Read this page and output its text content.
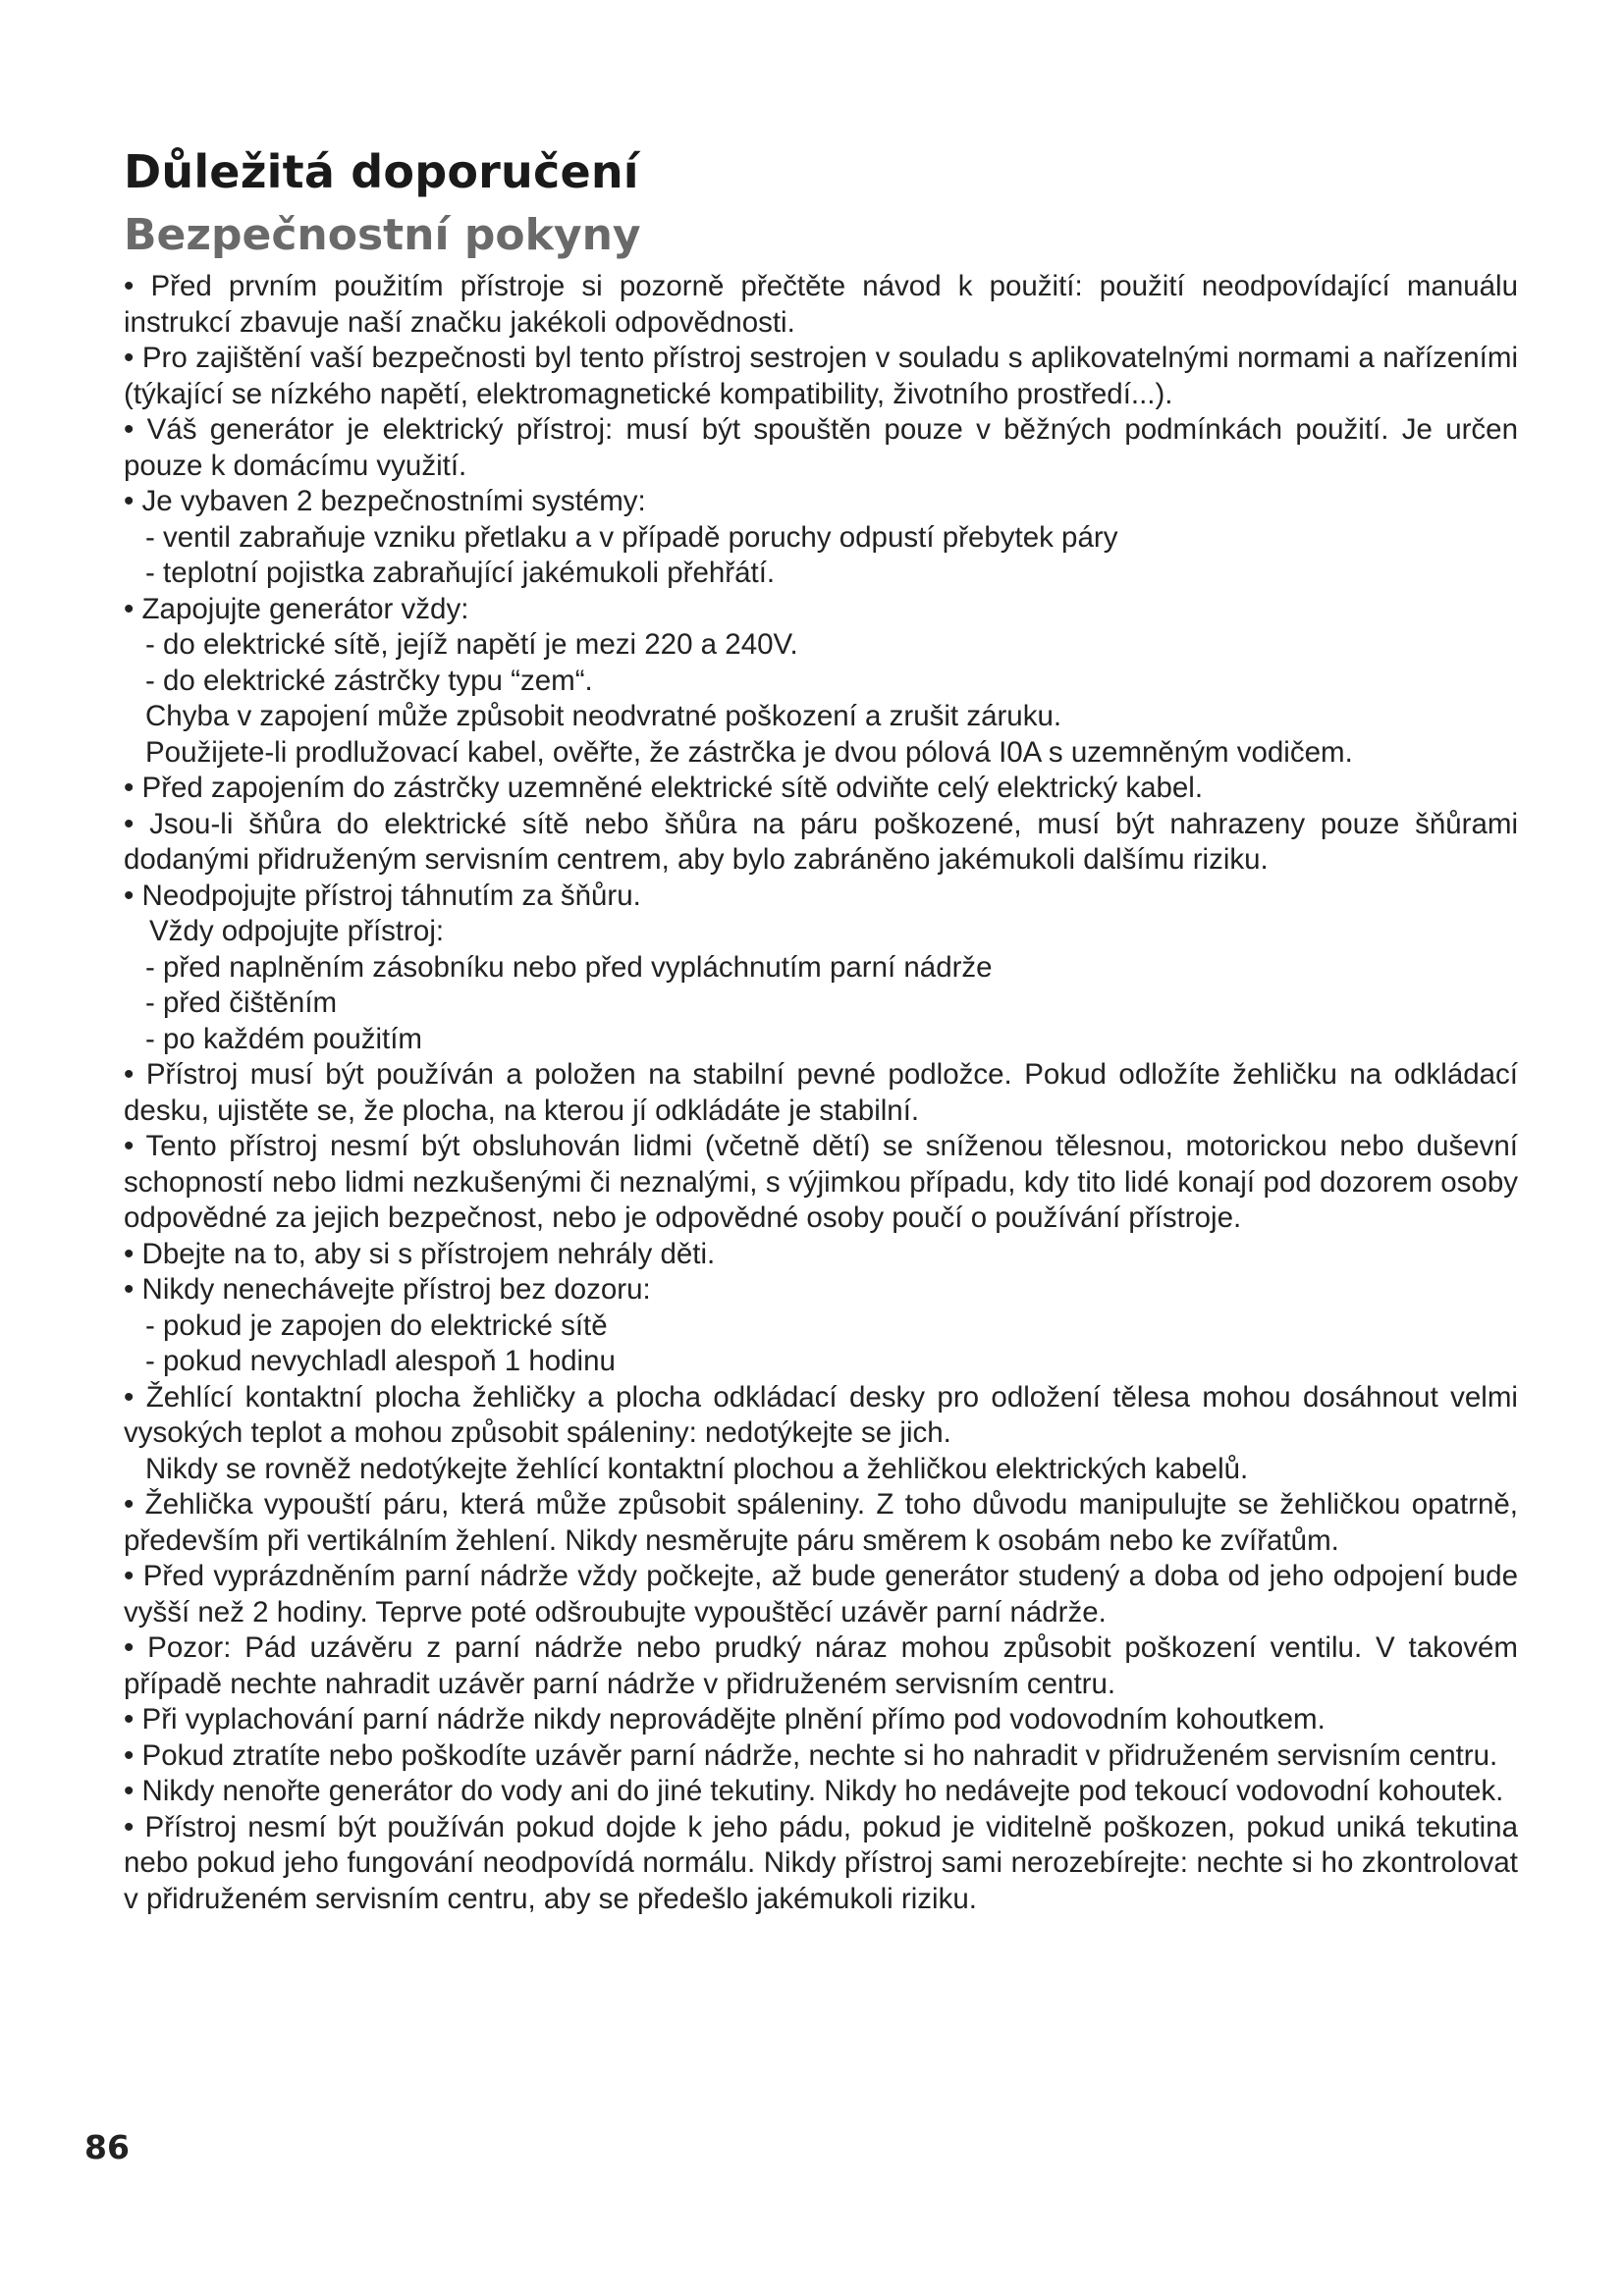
Důležitá doporučení
Bezpečnostní pokyny

• Před prvním použitím přístroje si pozorně přečtěte návod k použití: použití neodpovídající manuálu instrukcí zbavuje naší značku jakékoli odpovědnosti.

• Pro zajištění vaší bezpečnosti byl tento přístroj sestrojen v souladu s aplikovatelnými normami a nařízeními (týkající se nízkého napětí, elektromagnetické kompatibility, životního prostředí...).

• Váš generátor je elektrický přístroj: musí být spouštěn pouze v běžných podmínkách použití. Je určen pouze k domácímu využití.

• Je vybaven 2 bezpečnostními systémy:

- ventil zabraňuje vzniku přetlaku a v případě poruchy odpustí přebytek páry

- teplotní pojistka zabraňující jakémukoli přehřátí.

• Zapojujte generátor vždy:

- do elektrické sítě, jejíž napětí je mezi 220 a 240V.

- do elektrické zástrčky typu “zem“.

Chyba v zapojení může způsobit neodvratné poškození a zrušit záruku.

Použijete-li prodlužovací kabel, ověřte, že zástrčka je dvou pólová I0A s uzemněným vodičem.

• Před zapojením do zástrčky uzemněné elektrické sítě odviňte celý elektrický kabel.

• Jsou-li šňůra do elektrické sítě nebo šňůra na páru poškozené, musí být nahrazeny pouze šňůrami dodanými přidruženým servisním centrem, aby bylo zabráněno jakémukoli dalšímu riziku.

• Neodpojujte přístroj táhnutím za šňůru.

Vždy odpojujte přístroj:

- před naplněním zásobníku nebo před vypláchnutím parní nádrže

- před čištěním

- po každém použitím

• Přístroj musí být používán a položen na stabilní pevné podložce. Pokud odložíte žehličku na odkládací desku, ujistěte se, že plocha, na kterou jí odkládáte je stabilní.

• Tento přístroj nesmí být obsluhován lidmi (včetně dětí) se sníženou tělesnou, motorickou nebo duševní schopností nebo lidmi nezkušenými či neznalými, s výjimkou případu, kdy tito lidé konají pod dozorem osoby odpovědné za jejich bezpečnost, nebo je odpovědné osoby poučí o používání přístroje.

• Dbejte na to, aby si s přístrojem nehrály děti.

• Nikdy nenechávejte přístroj bez dozoru:

- pokud je zapojen do elektrické sítě

- pokud nevychladl alespoň 1 hodinu

• Žehlící kontaktní plocha žehličky a plocha odkládací desky pro odložení tělesa mohou dosáhnout velmi vysokých teplot a mohou způsobit spáleniny: nedotýkejte se jich.

Nikdy se rovněž nedotýkejte žehlící kontaktní plochou a žehličkou elektrických kabelů.

• Žehlička vypouští páru, která může způsobit spáleniny. Z toho důvodu manipulujte se žehličkou opatrně, především při vertikálním žehlení. Nikdy nesměrujte páru směrem k osobám nebo ke zvířatům.

• Před vyprázdněním parní nádrže vždy počkejte, až bude generátor studený a doba od jeho odpojení bude vyšší než 2 hodiny. Teprve poté odšroubujte vypouštěcí uzávěr parní nádrže.

• Pozor: Pád uzávěru z parní nádrže nebo prudký náraz mohou způsobit poškození ventilu. V takovém případě nechte nahradit uzávěr parní nádrže v přidruženém servisním centru.

• Při vyplachování parní nádrže nikdy neprovádějte plnění přímo pod vodovodním kohoutkem.

• Pokud ztratíte nebo poškodíte uzávěr parní nádrže, nechte si ho nahradit v přidruženém servisním centru.

• Nikdy nenořte generátor do vody ani do jiné tekutiny. Nikdy ho nedávejte pod tekoucí vodovodní kohoutek.

• Přístroj nesmí být používán pokud dojde k jeho pádu, pokud je viditelně poškozen, pokud uniká tekutina nebo pokud jeho fungování neodpovídá normálu. Nikdy přístroj sami nerozebírejte: nechte si ho zkontrolovat v přidruženém servisním centru, aby se předešlo jakémukoli riziku.

86
